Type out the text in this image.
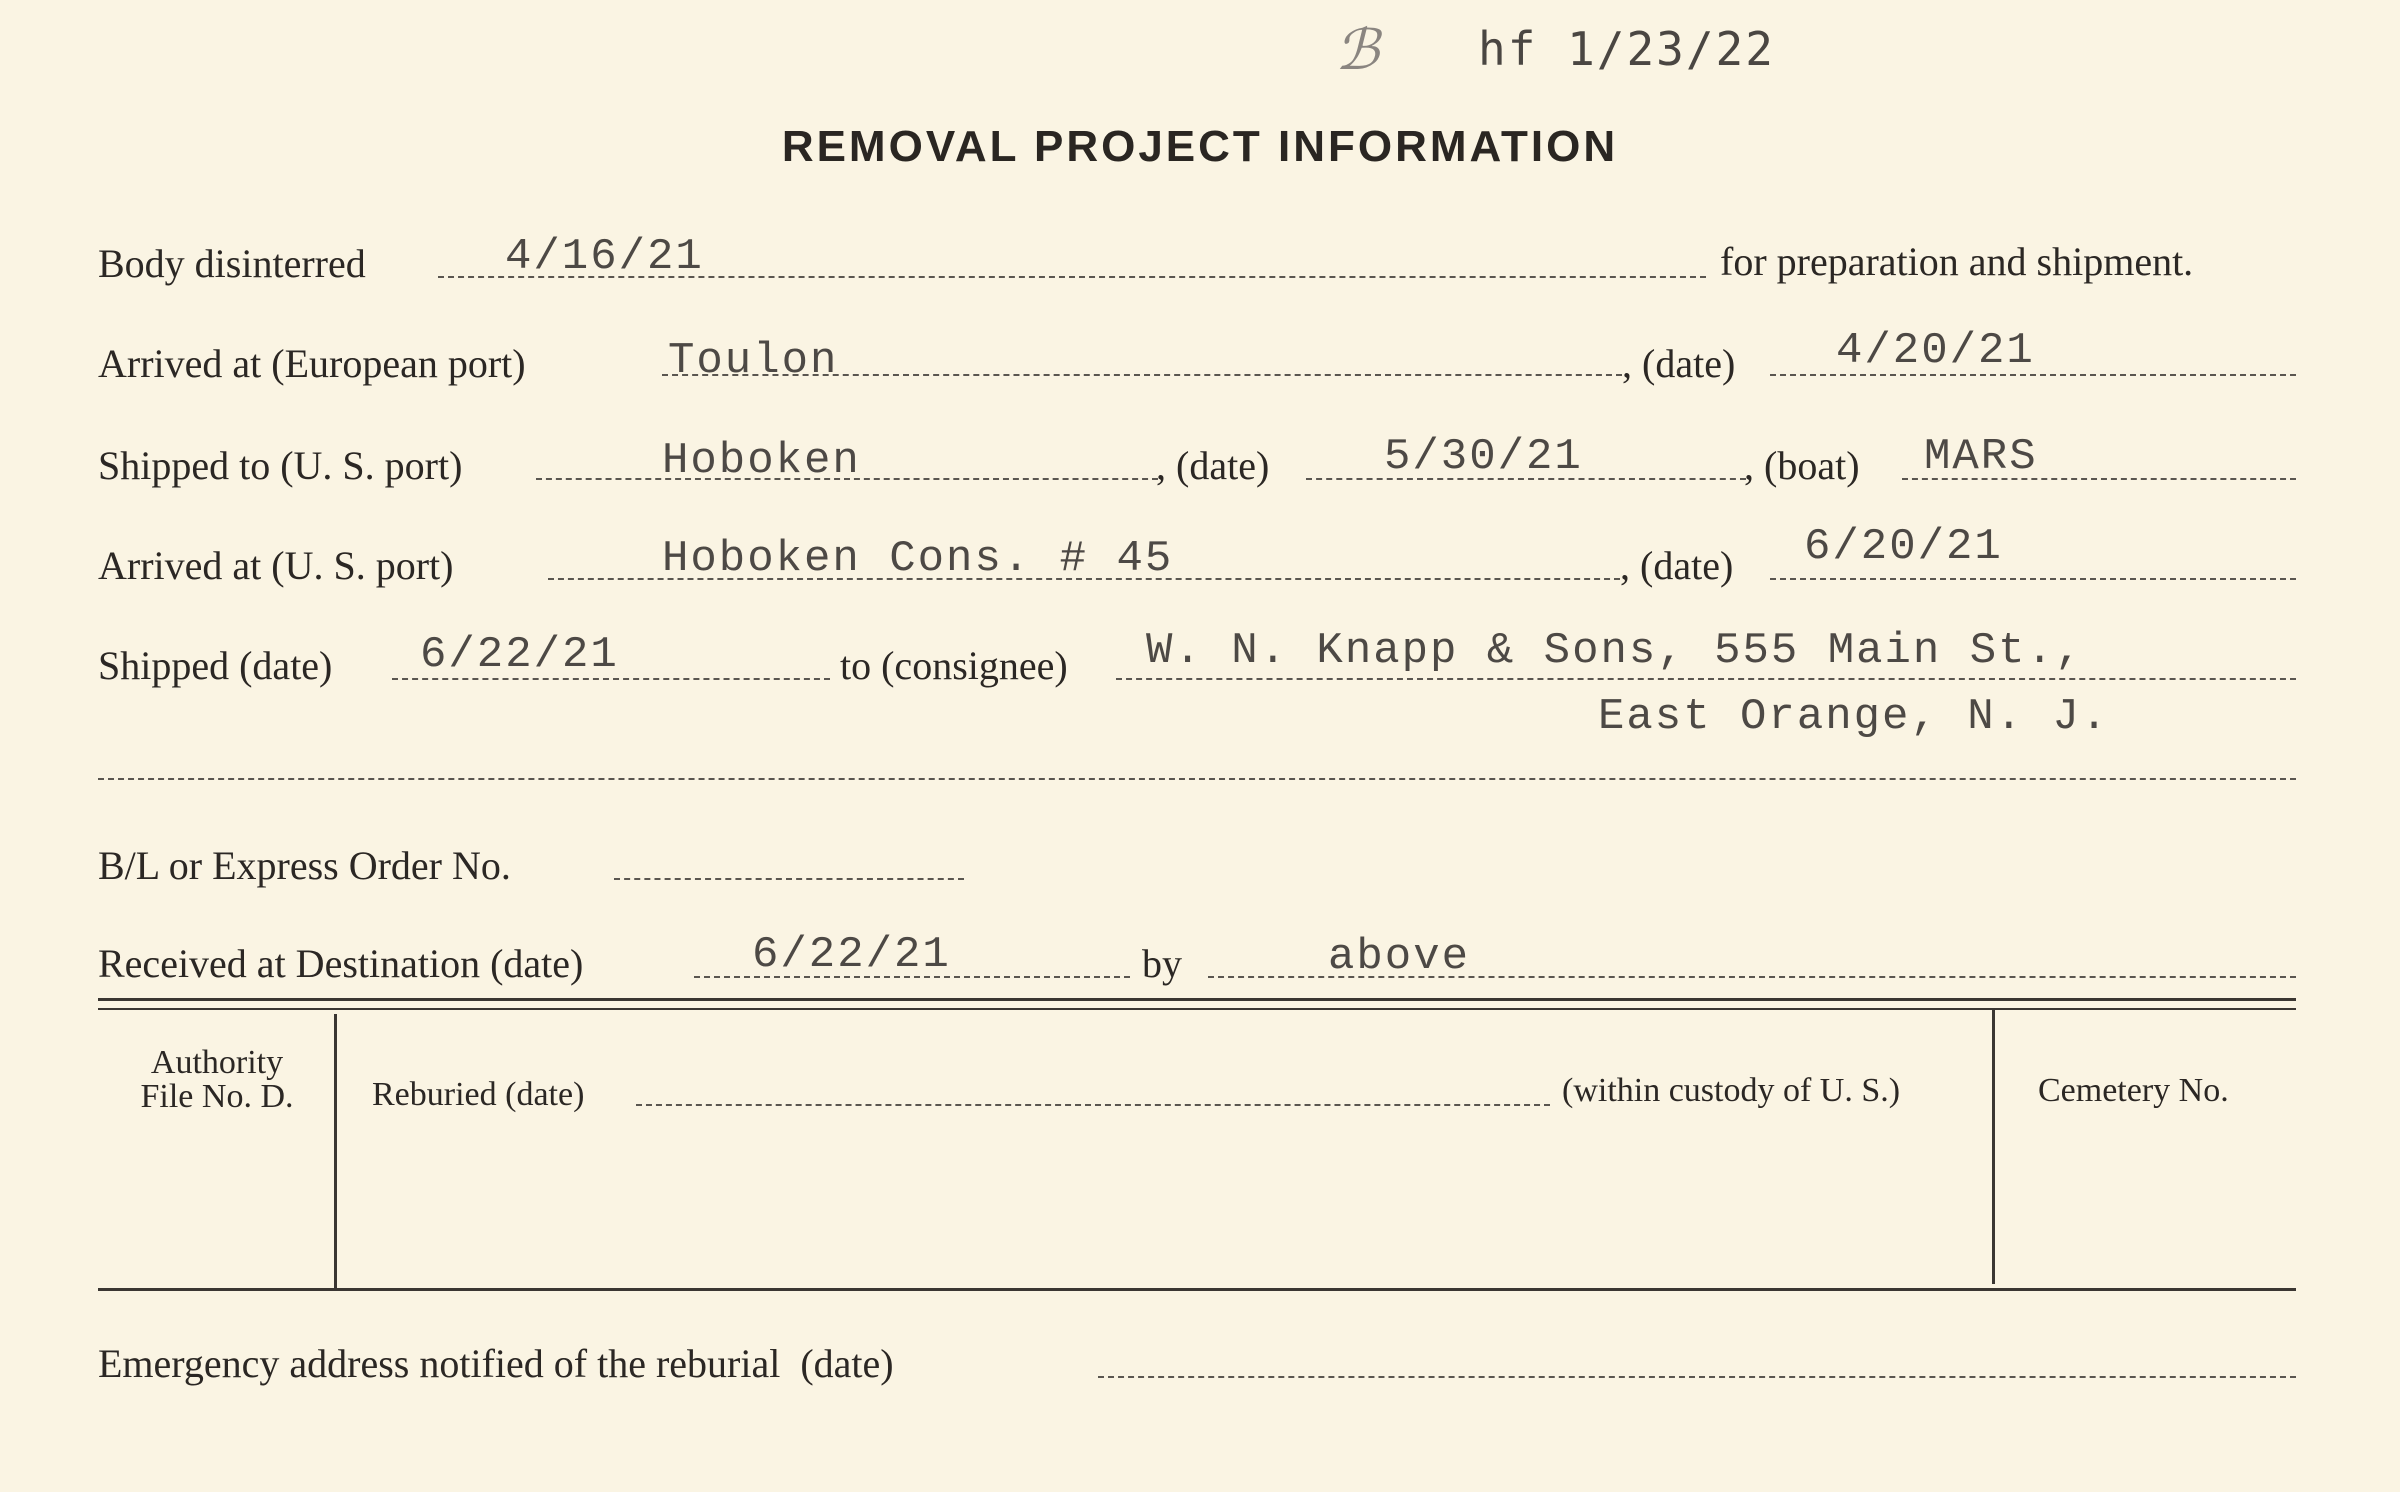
ℬ hf 1/23/22
REMOVAL PROJECT INFORMATION
Body disinterred	4/16/21	for preparation and shipment.
Arrived at (European port)	Toulon	, (date) 4/20/21
Shipped to (U. S. port)	Hoboken	, (date)	5/30/21	, (boat) MARS
Arrived at (U. S. port)	Hoboken Cons. # 45	, (date) 6/20/21
Shipped (date) 6/22/21	to (consignee) W. N. Knapp & Sons, 555 Main St.,
East Orange, N. J.
B/L or Express Order No.
Received at Destination (date)	6/22/21	by	above
Authority
File No. D.	Reburied (date)	(within custody of U. S.)	Cemetery No.
Emergency address notified of the reburial  (date)
